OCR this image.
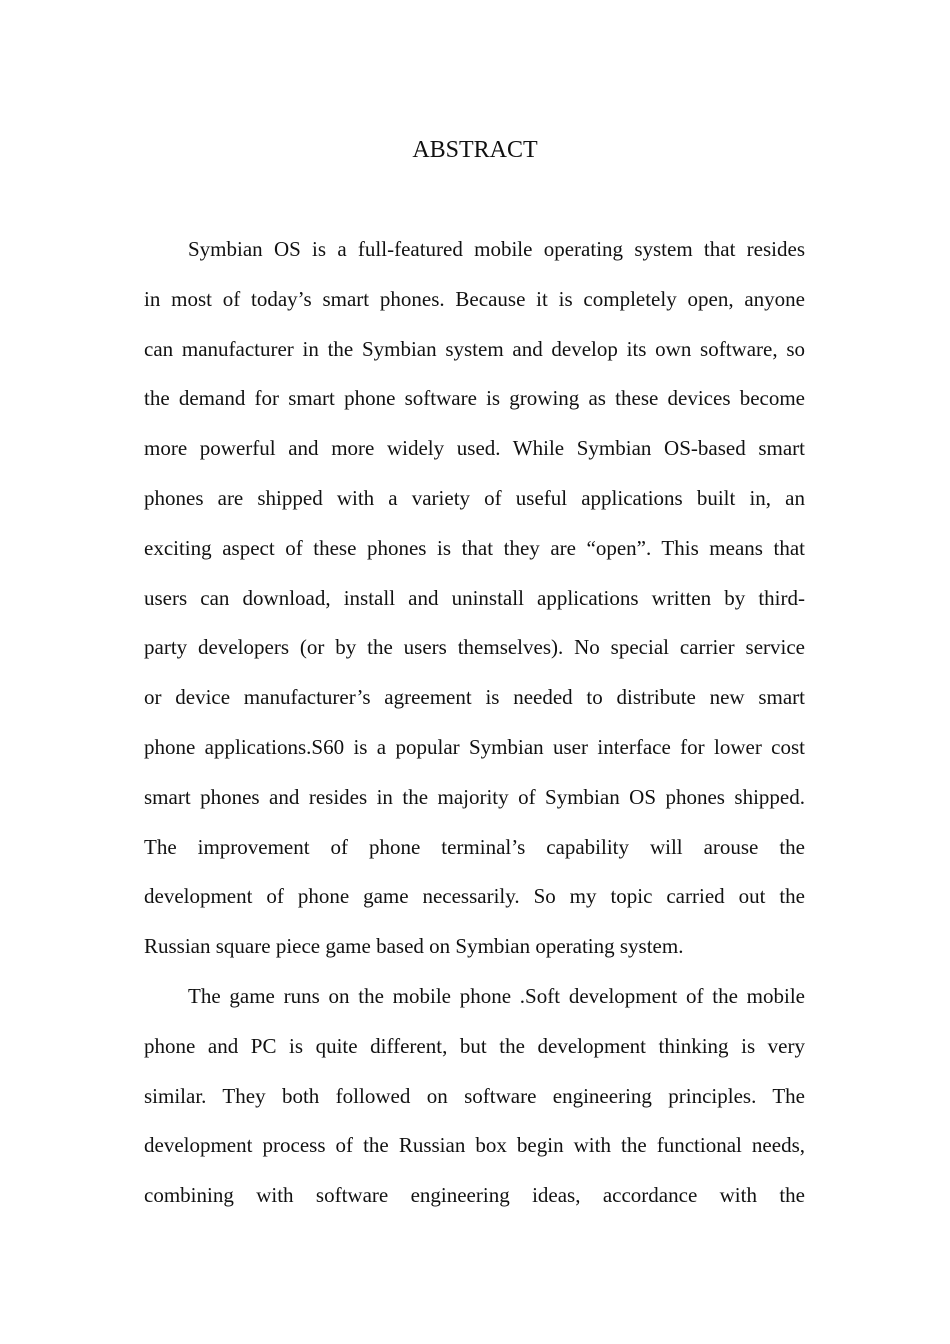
ABSTRACT
Symbian OS is a full-featured mobile operating system that resides
in most of today’s smart phones. Because it is completely open, anyone
can manufacturer in the Symbian system and develop its own software, so
the demand for smart phone software is growing as these devices become
more powerful and more widely used. While Symbian OS-based smart
phones are shipped with a variety of useful applications built in, an
exciting aspect of these phones is that they are “open”. This means that
users can download, install and uninstall applications written by third-
party developers (or by the users themselves). No special carrier service
or device manufacturer’s agreement is needed to distribute new smart
phone applications.S60 is a popular Symbian user interface for lower cost
smart phones and resides in the majority of Symbian OS phones shipped.
The improvement of phone terminal’s capability will arouse the
development of phone game necessarily. So my topic carried out the
Russian square piece game based on Symbian operating system.
The game runs on the mobile phone .Soft development of the mobile
phone and PC is quite different, but the development thinking is very
similar. They both followed on software engineering principles. The
development process of the Russian box begin with the functional needs,
combining with software engineering ideas, accordance with the
